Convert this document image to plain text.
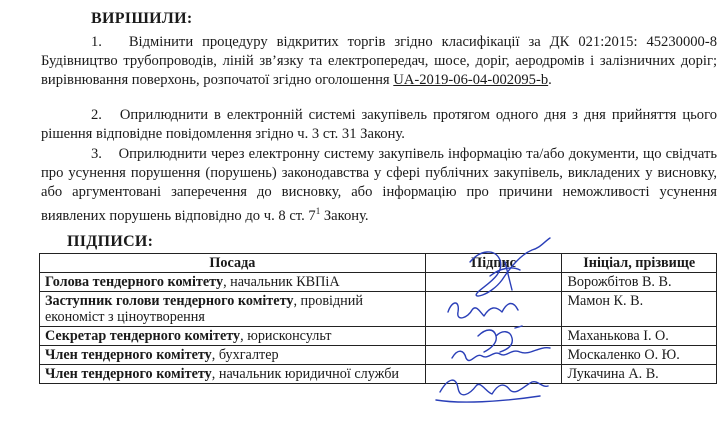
ВИРІШИЛИ:
1. Відмінити процедуру відкритих торгів згідно класифікації за ДК 021:2015: 45230000-8 Будівництво трубопроводів, ліній зв’язку та електропередач, шосе, доріг, аеродромів і залізничних доріг; вирівнювання поверхонь, розпочатої згідно оголошення UA-2019-06-04-002095-b.
2. Оприлюднити в електронній системі закупівель протягом одного дня з дня прийняття цього рішення відповідне повідомлення згідно ч. 3 ст. 31 Закону.
3. Оприлюднити через електронну систему закупівель інформацію та/або документи, що свідчать про усунення порушення (порушень) законодавства у сфері публічних закупівель, викладених у висновку, або аргументовані заперечення до висновку, або інформацію про причини неможливості усунення виявлених порушень відповідно до ч. 8 ст. $7^1$ Закону.
ПІДПИСИ:
Посада	Підпис	Ініціал, прізвище
Голова тендерного комітету, начальник КВПіА		Ворожбітов В. В.
Заступник голови тендерного комітету, провідний економіст з ціноутворення		Мамон К. В.
Секретар тендерного комітету, юрисконсульт		Маханькова І. О.
Член тендерного комітету, бухгалтер		Москаленко О. Ю.
Член тендерного комітету, начальник юридичної служби		Лукачина А. В.
